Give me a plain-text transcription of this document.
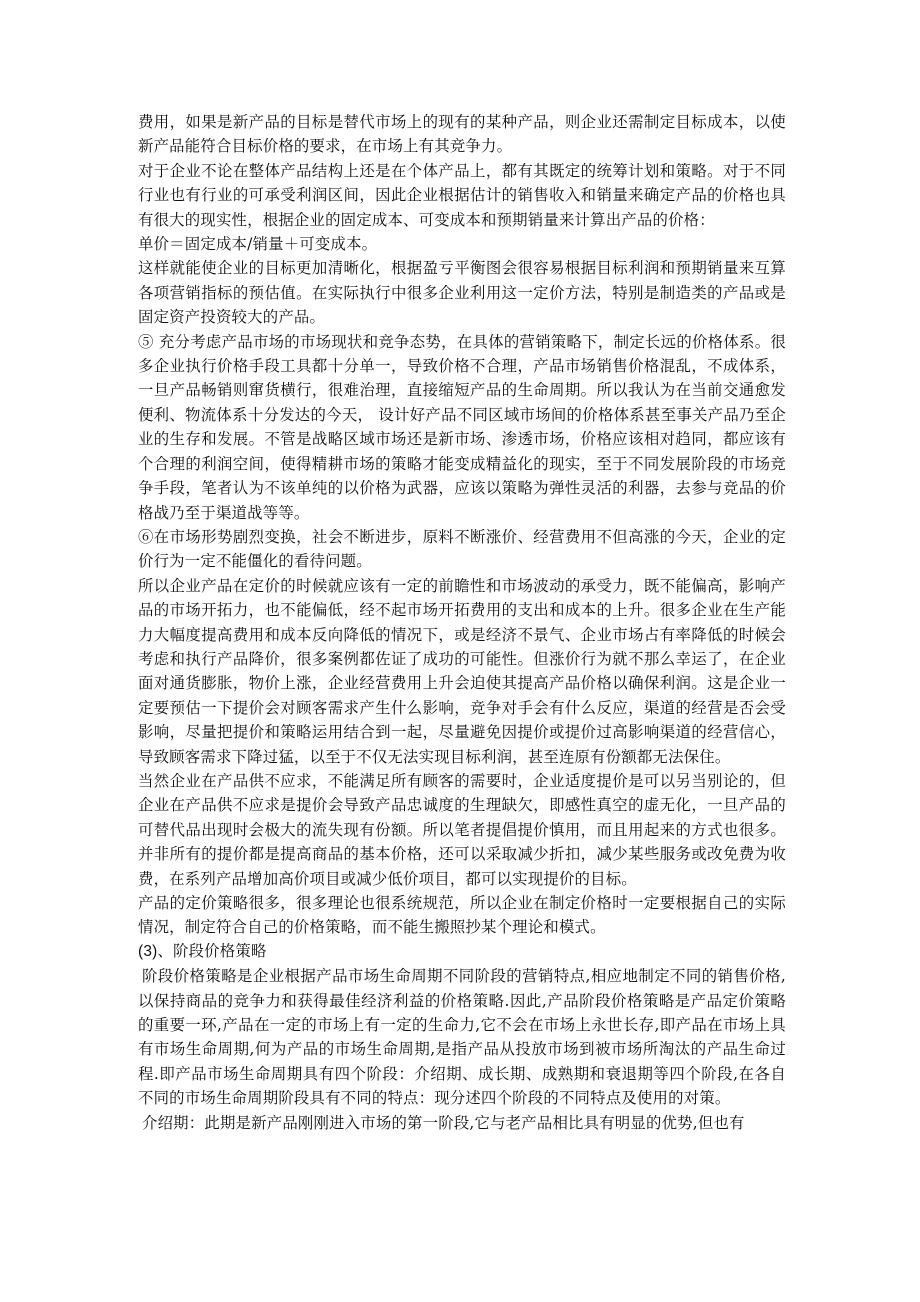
费用，如果是新产品的目标是替代市场上的现有的某种产品，则企业还需制定目标成本，以使新产品能符合目标价格的要求，在市场上有其竞争力。

对于企业不论在整体产品结构上还是在个体产品上，都有其既定的统筹计划和策略。对于不同行业也有行业的可承受利润区间，因此企业根据估计的销售收入和销量来确定产品的价格也具有很大的现实性，根据企业的固定成本、可变成本和预期销量来计算出产品的价格：

单价＝固定成本/销量＋可变成本。

这样就能使企业的目标更加清晰化，根据盈亏平衡图会很容易根据目标利润和预期销量来互算各项营销指标的预估值。在实际执行中很多企业利用这一定价方法，特别是制造类的产品或是固定资产投资较大的产品。

⑤ 充分考虑产品市场的市场现状和竞争态势，在具体的营销策略下，制定长远的价格体系。很多企业执行价格手段工具都十分单一，导致价格不合理，产品市场销售价格混乱，不成体系，一旦产品畅销则窜货横行，很难治理，直接缩短产品的生命周期。所以我认为在当前交通愈发便利、物流体系十分发达的今天， 设计好产品不同区域市场间的价格体系甚至事关产品乃至企业的生存和发展。不管是战略区域市场还是新市场、渗透市场，价格应该相对趋同，都应该有个合理的利润空间，使得精耕市场的策略才能变成精益化的现实，至于不同发展阶段的市场竞争手段，笔者认为不该单纯的以价格为武器，应该以策略为弹性灵活的利器，去参与竞品的价格战乃至于渠道战等等。

⑥在市场形势剧烈变换，社会不断进步，原料不断涨价、经营费用不但高涨的今天，企业的定价行为一定不能僵化的看待问题。

所以企业产品在定价的时候就应该有一定的前瞻性和市场波动的承受力，既不能偏高，影响产品的市场开拓力，也不能偏低，经不起市场开拓费用的支出和成本的上升。很多企业在生产能力大幅度提高费用和成本反向降低的情况下，或是经济不景气、企业市场占有率降低的时候会考虑和执行产品降价，很多案例都佐证了成功的可能性。但涨价行为就不那么幸运了，在企业面对通货膨胀，物价上涨，企业经营费用上升会迫使其提高产品价格以确保利润。这是企业一定要预估一下提价会对顾客需求产生什么影响，竞争对手会有什么反应，渠道的经营是否会受影响，尽量把提价和策略运用结合到一起，尽量避免因提价或提价过高影响渠道的经营信心，导致顾客需求下降过猛，以至于不仅无法实现目标利润，甚至连原有份额都无法保住。

当然企业在产品供不应求，不能满足所有顾客的需要时，企业适度提价是可以另当别论的，但企业在产品供不应求是提价会导致产品忠诚度的生理缺欠，即感性真空的虚无化，一旦产品的可替代品出现时会极大的流失现有份额。所以笔者提倡提价慎用，而且用起来的方式也很多。并非所有的提价都是提高商品的基本价格，还可以采取减少折扣，减少某些服务或改免费为收费，在系列产品增加高价项目或减少低价项目，都可以实现提价的目标。

产品的定价策略很多，很多理论也很系统规范，所以企业在制定价格时一定要根据自己的实际情况，制定符合自己的价格策略，而不能生搬照抄某个理论和模式。

(3)、阶段价格策略

阶段价格策略是企业根据产品市场生命周期不同阶段的营销特点,相应地制定不同的销售价格,以保持商品的竞争力和获得最佳经济利益的价格策略.因此,产品阶段价格策略是产品定价策略的重要一环,产品在一定的市场上有一定的生命力,它不会在市场上永世长存,即产品在市场上具有市场生命周期,何为产品的市场生命周期,是指产品从投放市场到被市场所淘汰的产品生命过程.即产品市场生命周期具有四个阶段：介绍期、成长期、成熟期和衰退期等四个阶段,在各自不同的市场生命周期阶段具有不同的特点：现分述四个阶段的不同特点及使用的对策。

介绍期：此期是新产品刚刚进入市场的第一阶段,它与老产品相比具有明显的优势,但也有
